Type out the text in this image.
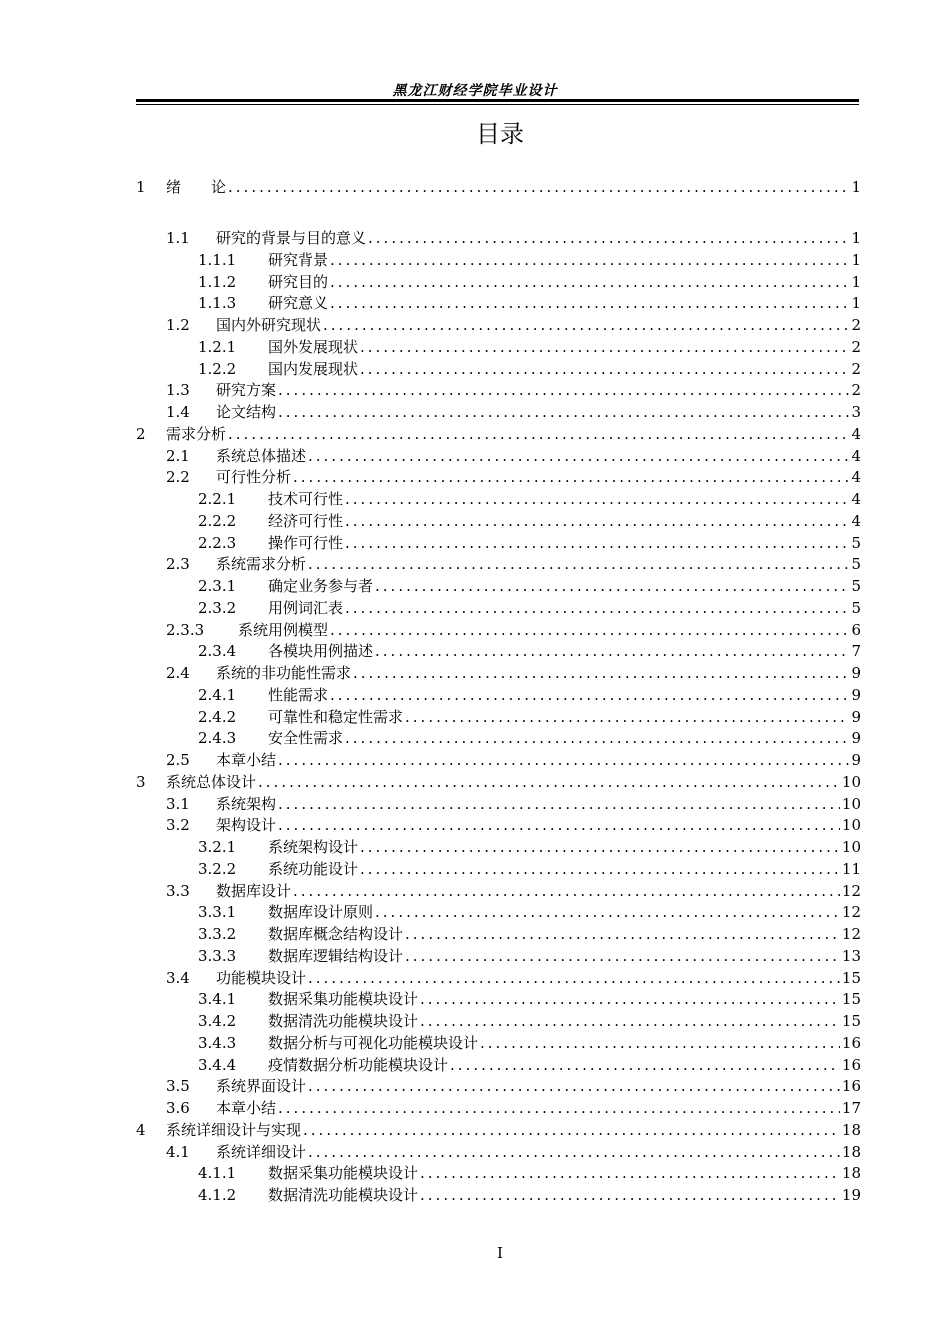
黑龙江财经学院毕业设计
目录
1	绪　　论 .....	1
1.1	研究的背景与目的意义 .....	1
1.1.1	研究背景 .....	1
1.1.2	研究目的 .....	1
1.1.3	研究意义 .....	1
1.2	国内外研究现状 .....	2
1.2.1	国外发展现状 .....	2
1.2.2	国内发展现状 .....	2
1.3	研究方案 .....	2
1.4	论文结构 .....	3
2	需求分析 .....	4
2.1	系统总体描述 .....	4
2.2	可行性分析 .....	4
2.2.1	技术可行性 .....	4
2.2.2	经济可行性 .....	4
2.2.3	操作可行性 .....	5
2.3	系统需求分析 .....	5
2.3.1	确定业务参与者 .....	5
2.3.2	用例词汇表 .....	5
2.3.3	系统用例模型 .....	6
2.3.4	各模块用例描述 .....	7
2.4	系统的非功能性需求 .....	9
2.4.1	性能需求 .....	9
2.4.2	可靠性和稳定性需求 .....	9
2.4.3	安全性需求 .....	9
2.5	本章小结 .....	9
3	系统总体设计 .....	10
3.1	系统架构 .....	10
3.2	架构设计 .....	10
3.2.1	系统架构设计 .....	10
3.2.2	系统功能设计 .....	11
3.3	数据库设计 .....	12
3.3.1	数据库设计原则 .....	12
3.3.2	数据库概念结构设计 .....	12
3.3.3	数据库逻辑结构设计 .....	13
3.4	功能模块设计 .....	15
3.4.1	数据采集功能模块设计 .....	15
3.4.2	数据清洗功能模块设计 .....	15
3.4.3	数据分析与可视化功能模块设计 .....	16
3.4.4	疫情数据分析功能模块设计 .....	16
3.5	系统界面设计 .....	16
3.6	本章小结 .....	17
4	系统详细设计与实现 .....	18
4.1	系统详细设计 .....	18
4.1.1	数据采集功能模块设计 .....	18
4.1.2	数据清洗功能模块设计 .....	19
I
